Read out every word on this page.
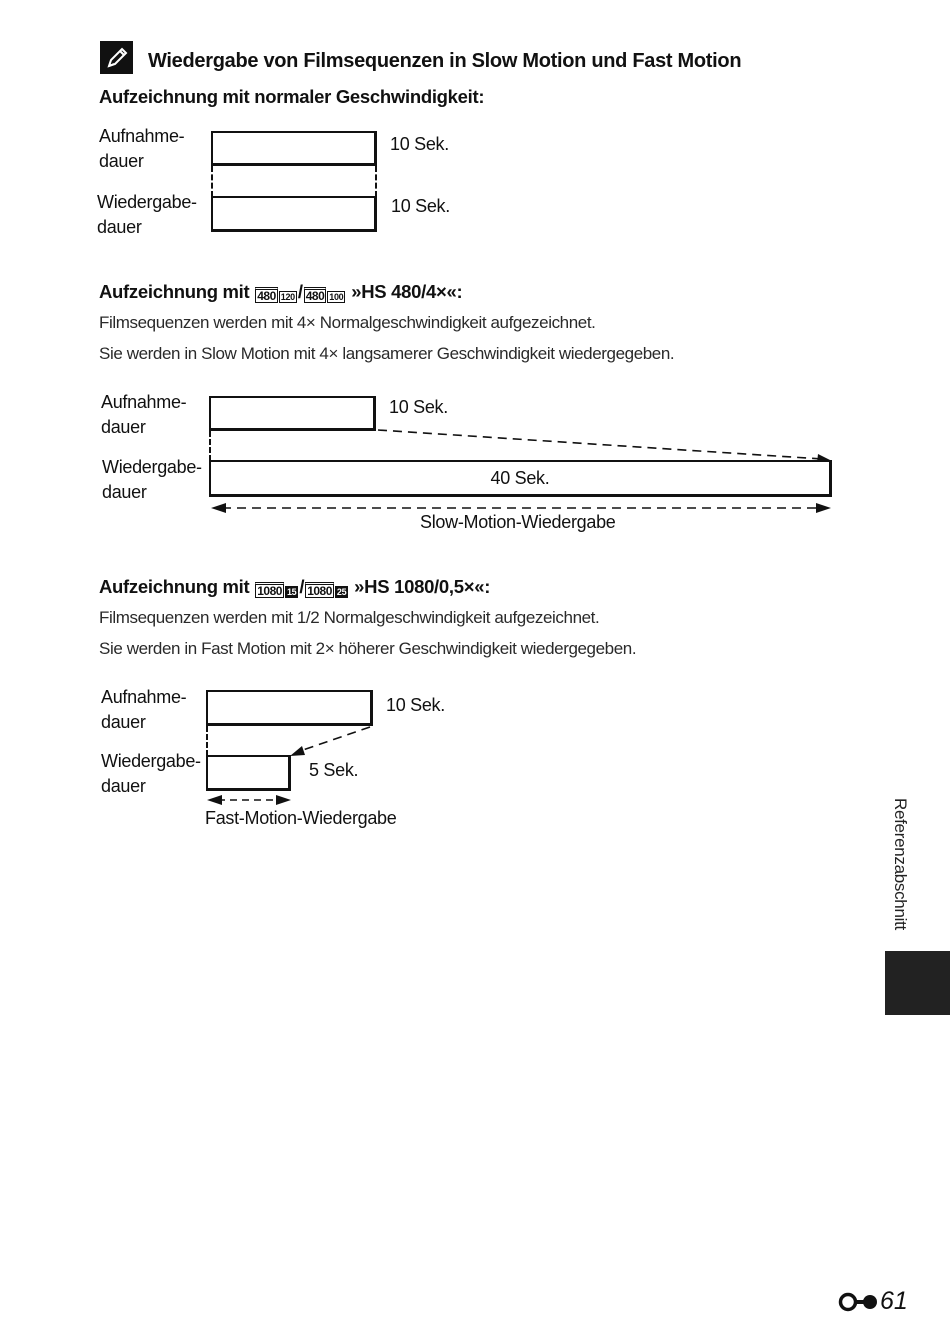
Wiedergabe von Filmsequenzen in Slow Motion und Fast Motion
Aufzeichnung mit normaler Geschwindigkeit:
Aufnahme-
dauer
10 Sek.
Wiedergabe-
dauer
10 Sek.
Aufzeichnung mit 480 120 / 480 100 »HS 480/4×«:
Filmsequenzen werden mit 4× Normalgeschwindigkeit aufgezeichnet.
Sie werden in Slow Motion mit 4× langsamerer Geschwindigkeit wiedergegeben.
Aufnahme-
dauer
10 Sek.
Wiedergabe-
dauer
40 Sek.
Slow-Motion-Wiedergabe
Aufzeichnung mit 1080 15 / 1080 25 »HS 1080/0,5×«:
Filmsequenzen werden mit 1/2 Normalgeschwindigkeit aufgezeichnet.
Sie werden in Fast Motion mit 2× höherer Geschwindigkeit wiedergegeben.
Aufnahme-
dauer
10 Sek.
Wiedergabe-
dauer
5 Sek.
Fast-Motion-Wiedergabe	Referenzabschnitt
61
